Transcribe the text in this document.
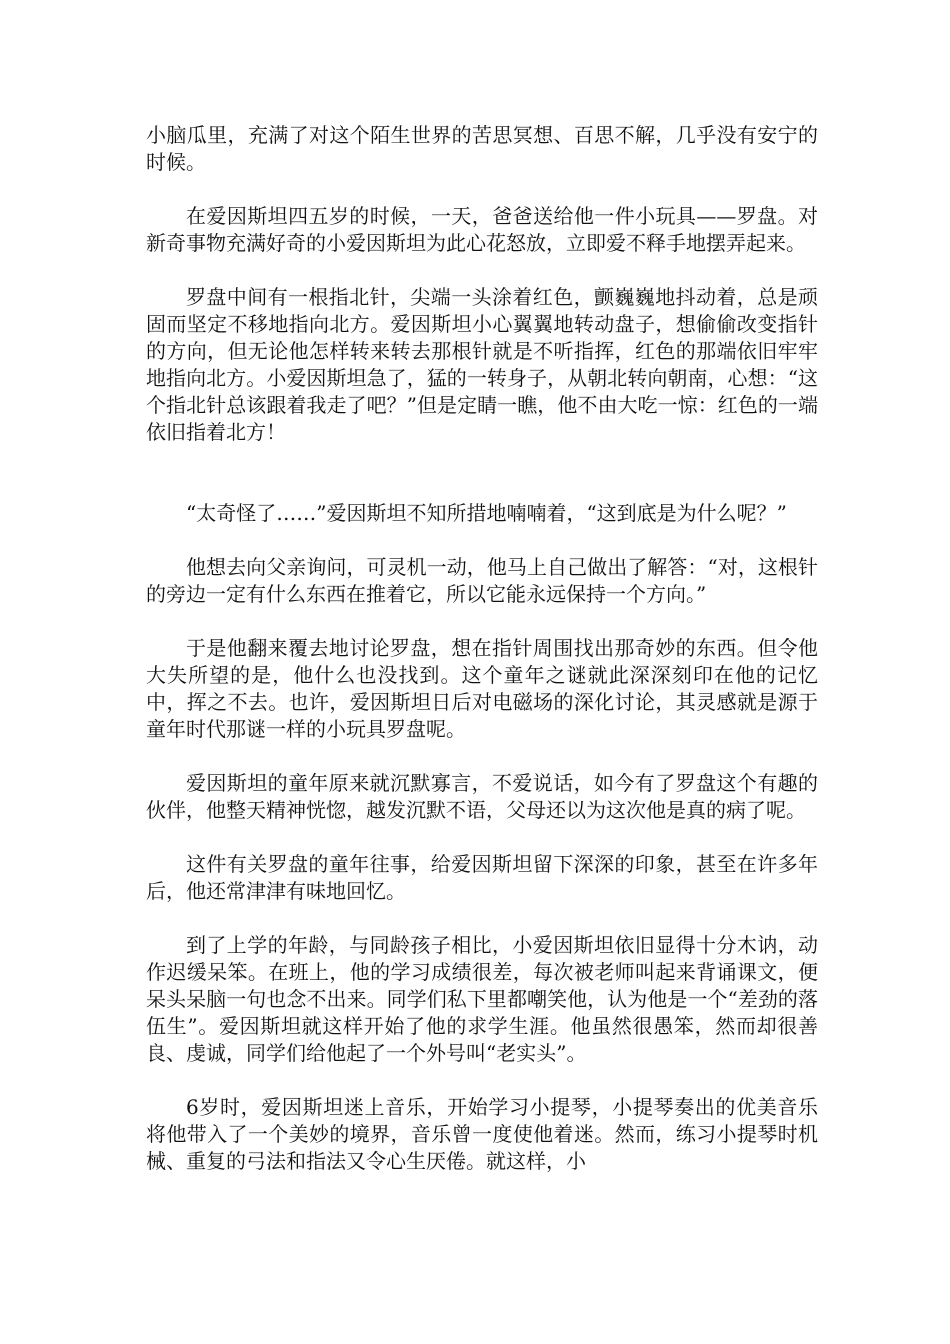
小脑瓜里，充满了对这个陌生世界的苦思冥想、百思不解，几乎没有安宁的时候。

在爱因斯坦四五岁的时候，一天，爸爸送给他一件小玩具——罗盘。对新奇事物充满好奇的小爱因斯坦为此心花怒放，立即爱不释手地摆弄起来。

罗盘中间有一根指北针，尖端一头涂着红色，颤巍巍地抖动着，总是顽固而坚定不移地指向北方。爱因斯坦小心翼翼地转动盘子，想偷偷改变指针的方向，但无论他怎样转来转去那根针就是不听指挥，红色的那端依旧牢牢地指向北方。小爱因斯坦急了，猛的一转身子，从朝北转向朝南，心想：“这个指北针总该跟着我走了吧？”但是定睛一瞧，他不由大吃一惊：红色的一端依旧指着北方！

“太奇怪了……”爱因斯坦不知所措地喃喃着，“这到底是为什么呢？”

他想去向父亲询问，可灵机一动，他马上自己做出了解答：“对，这根针的旁边一定有什么东西在推着它，所以它能永远保持一个方向。”

于是他翻来覆去地讨论罗盘，想在指针周围找出那奇妙的东西。但令他大失所望的是，他什么也没找到。这个童年之谜就此深深刻印在他的记忆中，挥之不去。也许，爱因斯坦日后对电磁场的深化讨论，其灵感就是源于童年时代那谜一样的小玩具罗盘呢。

爱因斯坦的童年原来就沉默寡言，不爱说话，如今有了罗盘这个有趣的伙伴，他整天精神恍惚，越发沉默不语，父母还以为这次他是真的病了呢。

这件有关罗盘的童年往事，给爱因斯坦留下深深的印象，甚至在许多年后，他还常津津有味地回忆。

到了上学的年龄，与同龄孩子相比，小爱因斯坦依旧显得十分木讷，动作迟缓呆笨。在班上，他的学习成绩很差，每次被老师叫起来背诵课文，便呆头呆脑一句也念不出来。同学们私下里都嘲笑他，认为他是一个“差劲的落伍生”。爱因斯坦就这样开始了他的求学生涯。他虽然很愚笨，然而却很善良、虔诚，同学们给他起了一个外号叫“老实头”。

6岁时，爱因斯坦迷上音乐，开始学习小提琴，小提琴奏出的优美音乐将他带入了一个美妙的境界，音乐曾一度使他着迷。然而，练习小提琴时机械、重复的弓法和指法又令心生厌倦。就这样，小
